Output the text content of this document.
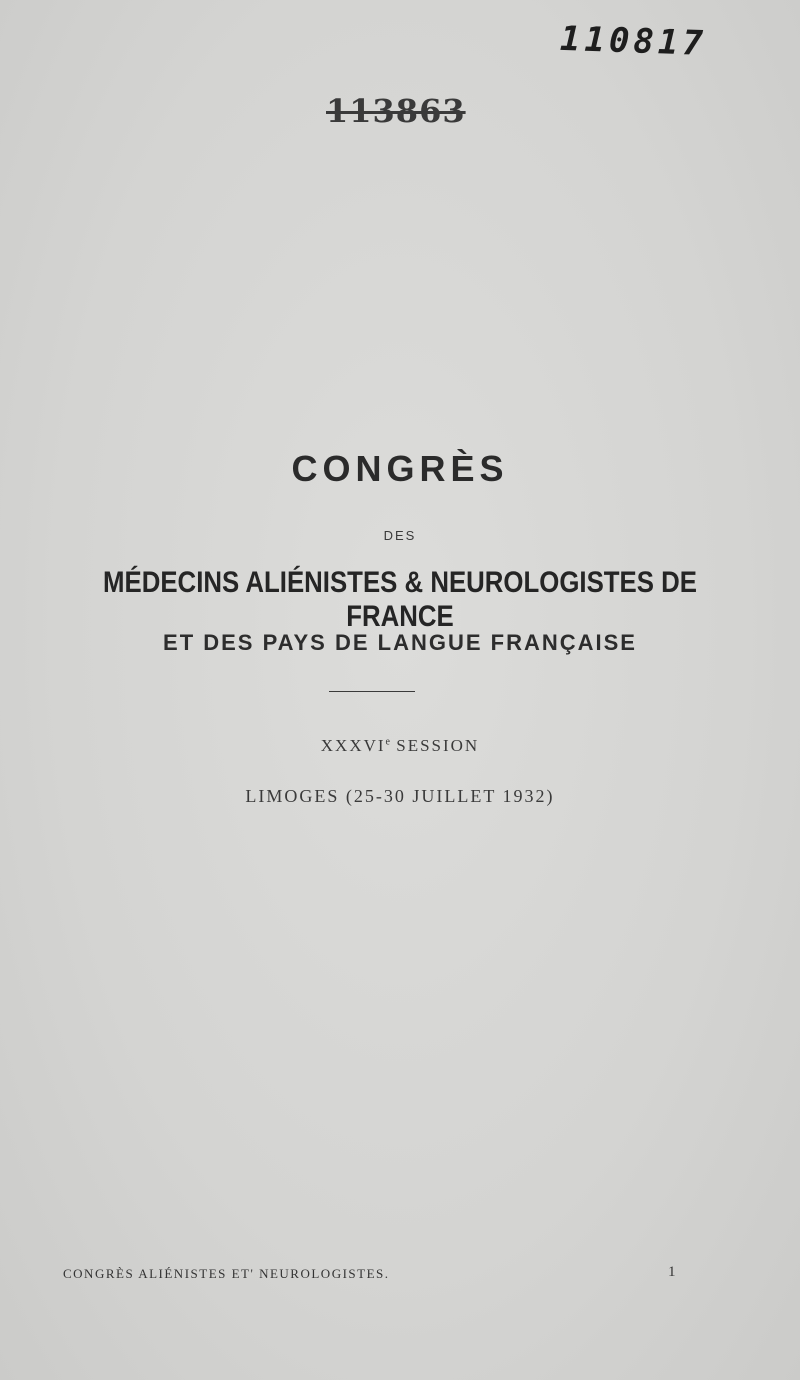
110817
113863
CONGRÈS
DES
MÉDECINS ALIÉNISTES & NEUROLOGISTES DE FRANCE
ET DES PAYS DE LANGUE FRANÇAISE
XXXVIe SESSION
LIMOGES (25-30 JUILLET 1932)
CONGRÈS ALIÉNISTES ET' NEUROLOGISTES.	1
